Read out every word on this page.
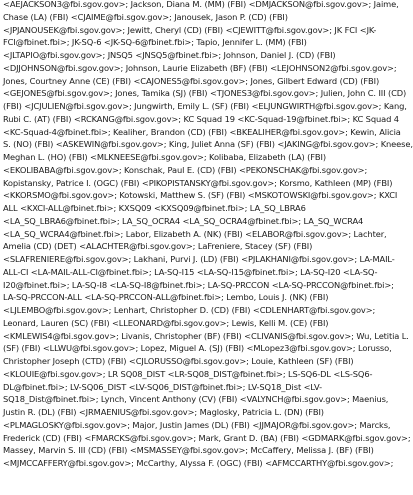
<AEJACKSON3@fbi.sgov.gov>; Jackson, Diana M. (MM) (FBI) <DMJACKSON@fbi.sgov.gov>; Jaime,
Chase (LA) (FBI) <CJAIME@fbi.sgov.gov>; Janousek, Jason P. (CD) (FBI)
<JPJANOUSEK@fbi.sgov.gov>; Jewitt, Cheryl (CD) (FBI) <CJEWITT@fbi.sgov.gov>; JK FCI <JK-
FCI@fbinet.fbi>; JK-SQ-6 <JK-SQ-6@fbinet.fbi>; Tapio, Jennifer L. (MM) (FBI)
<JLTAPIO@fbi.sgov.gov>; JNSQ5 <JNSQ5@fbinet.fbi>; Johnson, Daniel J. (CD) (FBI)
<DJJOHNSON@fbi.sgov.gov>; Johnson, Laurie Elizabeth (BF) (FBI) <LEJOHNSON2@fbi.sgov.gov>;
Jones, Courtney Anne (CE) (FBI) <CAJONES5@fbi.sgov.gov>; Jones, Gilbert Edward (CD) (FBI)
<GEJONES@fbi.sgov.gov>; Jones, Tamika (SJ) (FBI) <TJONES3@fbi.sgov.gov>; Julien, John C. III (CD)
(FBI) <JCJULIEN@fbi.sgov.gov>; Jungwirth, Emily L. (SF) (FBI) <ELJUNGWIRTH@fbi.sgov.gov>; Kang,
Rubi C. (AT) (FBI) <RCKANG@fbi.sgov.gov>; KC Squad 19 <KC-Squad-19@fbinet.fbi>; KC Squad 4
<KC-Squad-4@fbinet.fbi>; Kealiher, Brandon (CD) (FBI) <BKEALIHER@fbi.sgov.gov>; Kewin, Alicia
S. (NO) (FBI) <ASKEWIN@fbi.sgov.gov>; King, Juliet Anna (SF) (FBI) <JAKING@fbi.sgov.gov>; Kneese,
Meghan L. (HO) (FBI) <MLKNEESE@fbi.sgov.gov>; Kolibaba, Elizabeth (LA) (FBI)
<EKOLIBABA@fbi.sgov.gov>; Konschak, Paul E. (CD) (FBI) <PEKONSCHAK@fbi.sgov.gov>;
Kopistansky, Patrice I. (OGC) (FBI) <PIKOPISTANSKY@fbi.sgov.gov>; Korsmo, Kathleen (MP) (FBI)
<KKORSMO@fbi.sgov.gov>; Kotowski, Matthew S. (SF) (FBI) <MSKOTOWSKI@fbi.sgov.gov>; KXCI
ALL <KXCI-ALL@fbinet.fbi>; KXSQ09 <KXSQ09@fbinet.fbi>; LA_SQ_LBRA6
<LA_SQ_LBRA6@fbinet.fbi>; LA_SQ_OCRA4 <LA_SQ_OCRA4@fbinet.fbi>; LA_SQ_WCRA4
<LA_SQ_WCRA4@fbinet.fbi>; Labor, Elizabeth A. (NK) (FBI) <ELABOR@fbi.sgov.gov>; Lachter,
Amelia (CD) (DET) <ALACHTER@fbi.sgov.gov>; LaFreniere, Stacey (SF) (FBI)
<SLAFRENIERE@fbi.sgov.gov>; Lakhani, Purvi J. (LD) (FBI) <PJLAKHANI@fbi.sgov.gov>; LA-MAIL-
ALL-CI <LA-MAIL-ALL-CI@fbinet.fbi>; LA-SQ-I15 <LA-SQ-I15@fbinet.fbi>; LA-SQ-I20 <LA-SQ-
I20@fbinet.fbi>; LA-SQ-I8 <LA-SQ-I8@fbinet.fbi>; LA-SQ-PRCCON <LA-SQ-PRCCON@fbinet.fbi>;
LA-SQ-PRCCON-ALL <LA-SQ-PRCCON-ALL@fbinet.fbi>; Lembo, Louis J. (NK) (FBI)
<LJLEMBO@fbi.sgov.gov>; Lenhart, Christopher D. (CD) (FBI) <CDLENHART@fbi.sgov.gov>;
Leonard, Lauren (SC) (FBI) <LLEONARD@fbi.sgov.gov>; Lewis, Kelli M. (CE) (FBI)
<KMLEWIS4@fbi.sgov.gov>; Livanis, Christopher (BF) (FBI) <CLIVANIS@fbi.sgov.gov>; Wu, Letitia L.
(SF) (FBI) <LLWU@fbi.sgov.gov>; Lopez, Miguel A. (SJ) (FBI) <MLopez3@fbi.sgov.gov>; Lorusso,
Christopher Joseph (CTD) (FBI) <CJLORUSSO@fbi.sgov.gov>; Louie, Kathleen (SF) (FBI)
<KLOUIE@fbi.sgov.gov>; LR SQ08_DIST <LR-SQ08_DIST@fbinet.fbi>; LS-SQ6-DL <LS-SQ6-
DL@fbinet.fbi>; LV-SQ06_DIST <LV-SQ06_DIST@fbinet.fbi>; LV-SQ18_Dist <LV-
SQ18_Dist@fbinet.fbi>; Lynch, Vincent Anthony (CV) (FBI) <VALYNCH@fbi.sgov.gov>; Maenius,
Justin R. (DL) (FBI) <JRMAENIUS@fbi.sgov.gov>; Maglosky, Patricia L. (DN) (FBI)
<PLMAGLOSKY@fbi.sgov.gov>; Major, Justin James (DL) (FBI) <JJMAJOR@fbi.sgov.gov>; Marcks,
Frederick (CD) (FBI) <FMARCKS@fbi.sgov.gov>; Mark, Grant D. (BA) (FBI) <GDMARK@fbi.sgov.gov>;
Massey, Marvin S. III (CD) (FBI) <MSMASSEY@fbi.sgov.gov>; McCaffery, Melissa J. (BF) (FBI)
<MJMCCAFFERY@fbi.sgov.gov>; McCarthy, Alyssa F. (OGC) (FBI) <AFMCCARTHY@fbi.sgov.gov>;
